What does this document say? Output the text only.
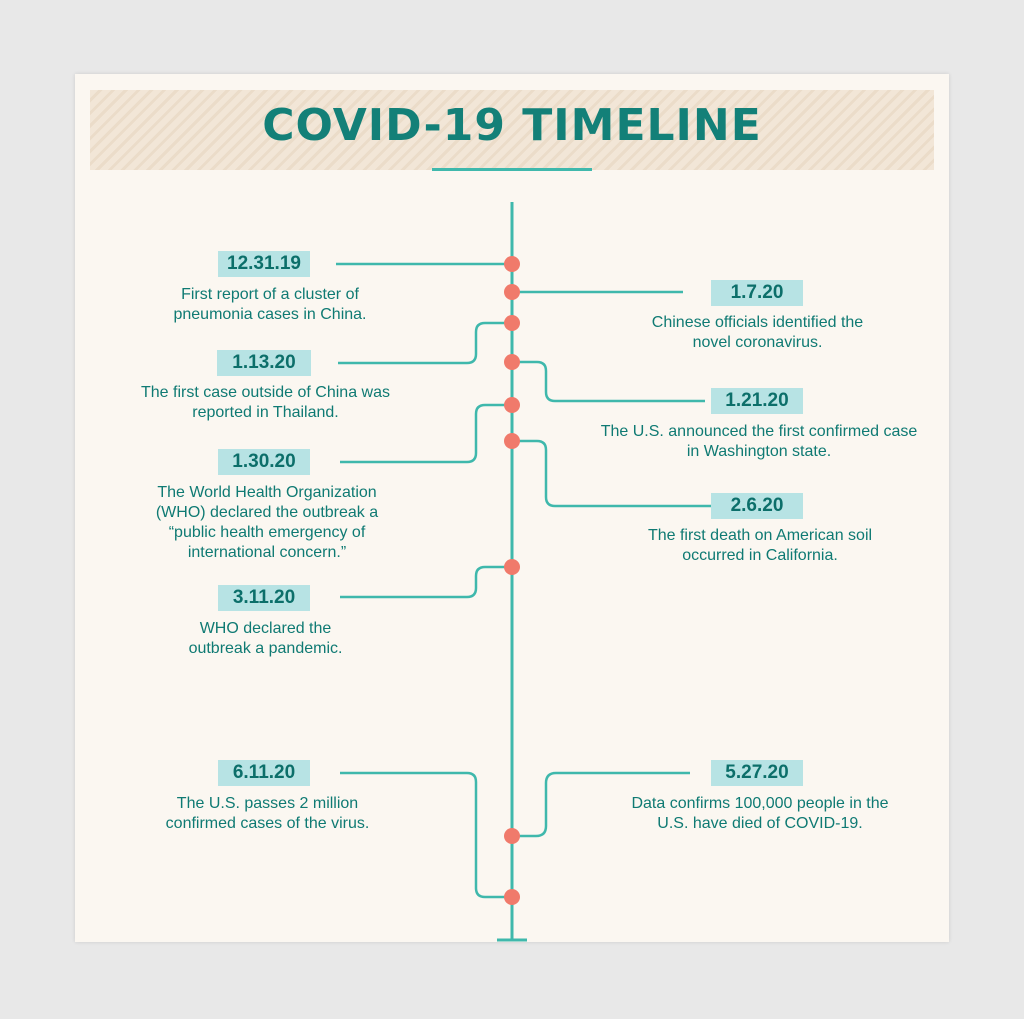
COVID-19 TIMELINE
12.31.19
First report of a cluster of pneumonia cases in China.
1.7.20
Chinese officials identified the novel coronavirus.
1.13.20
The first case outside of China was reported in Thailand.
1.21.20
The U.S. announced the first confirmed case in Washington state.
1.30.20
The World Health Organization (WHO) declared the outbreak a “public health emergency of international concern.”
2.6.20
The first death on American soil occurred in California.
3.11.20
WHO declared the outbreak a pandemic.
5.27.20
Data confirms 100,000 people in the U.S. have died of COVID-19.
6.11.20
The U.S. passes 2 million confirmed cases of the virus.
